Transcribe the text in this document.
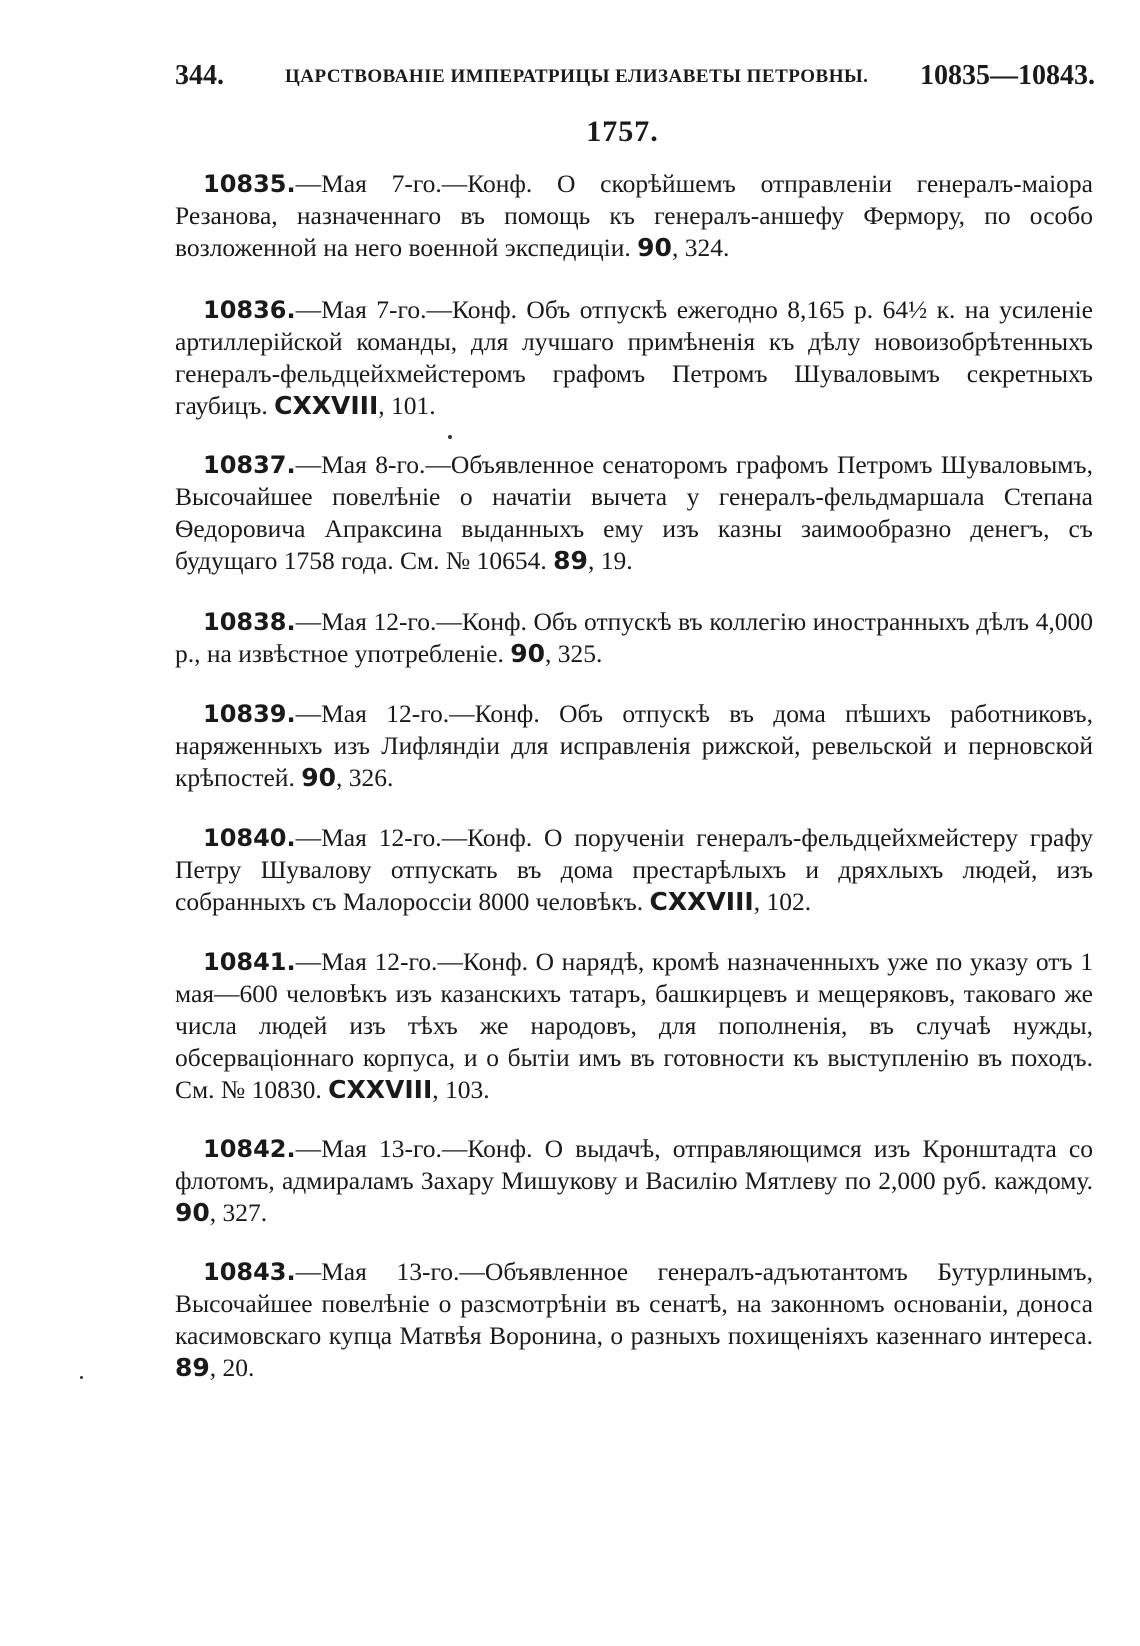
344.	ЦАРСТВОВАНІЕ ИМПЕРАТРИЦЫ ЕЛИЗАВЕТЫ ПЕТРОВНЫ. 10835—10843.
1757.

10835.—Мая 7-го.—Конф. О скорѣйшемъ отправленіи генералъ-маіора Резанова, назначеннаго въ помощь къ генералъ-аншефу Фермору, по особо возложенной на него военной экспедиціи. 90, 324.

10836.—Мая 7-го.—Конф. Объ отпускѣ ежегодно 8,165 р. 64½ к. на усиленіе артиллерійской команды, для лучшаго примѣненія къ дѣлу новоизобрѣтенныхъ генералъ-фельдцейхмейстеромъ графомъ Петромъ Шуваловымъ секретныхъ гаубицъ. CXXVIII, 101.

10837.—Мая 8-го.—Объявленное сенаторомъ графомъ Петромъ Шуваловымъ, Высочайшее повелѣніе о начатіи вычета у генералъ-фельдмаршала Степана Ѳедоровича Апраксина выданныхъ ему изъ казны заимообразно денегъ, съ будущаго 1758 года. См. № 10654. 89, 19.

10838.—Мая 12-го.—Конф. Объ отпускѣ въ коллегію иностранныхъ дѣлъ 4,000 р., на извѣстное употребленіе. 90, 325.

10839.—Мая 12-го.—Конф. Объ отпускѣ въ дома пѣшихъ работниковъ, наряженныхъ изъ Лифляндіи для исправленія рижской, ревельской и перновской крѣпостей. 90, 326.

10840.—Мая 12-го.—Конф. О порученіи генералъ-фельдцейхмейстеру графу Петру Шувалову отпускать въ дома престарѣлыхъ и дряхлыхъ людей, изъ собранныхъ съ Малороссіи 8000 человѣкъ. CXXVIII, 102.

10841.—Мая 12-го.—Конф. О нарядѣ, кромѣ назначенныхъ уже по указу отъ 1 мая—600 человѣкъ изъ казанскихъ татаръ, башкирцевъ и мещеряковъ, таковаго же числа людей изъ тѣхъ же народовъ, для пополненія, въ случаѣ нужды, обсерваціоннаго корпуса, и о бытіи имъ въ готовности къ выступленію въ походъ. См. № 10830. CXXVIII, 103.

10842.—Мая 13-го.—Конф. О выдачѣ, отправляющимся изъ Кронштадта со флотомъ, адмираламъ Захару Мишукову и Василію Мятлеву по 2,000 руб. каждому. 90, 327.

10843.—Мая 13-го.—Объявленное генералъ-адъютантомъ Бутурлинымъ, Высочайшее повелѣніе о разсмотрѣніи въ сенатѣ, на законномъ основаніи, доноса касимовскаго купца Матвѣя Воронина, о разныхъ похищеніяхъ казеннаго интереса. 89, 20.
